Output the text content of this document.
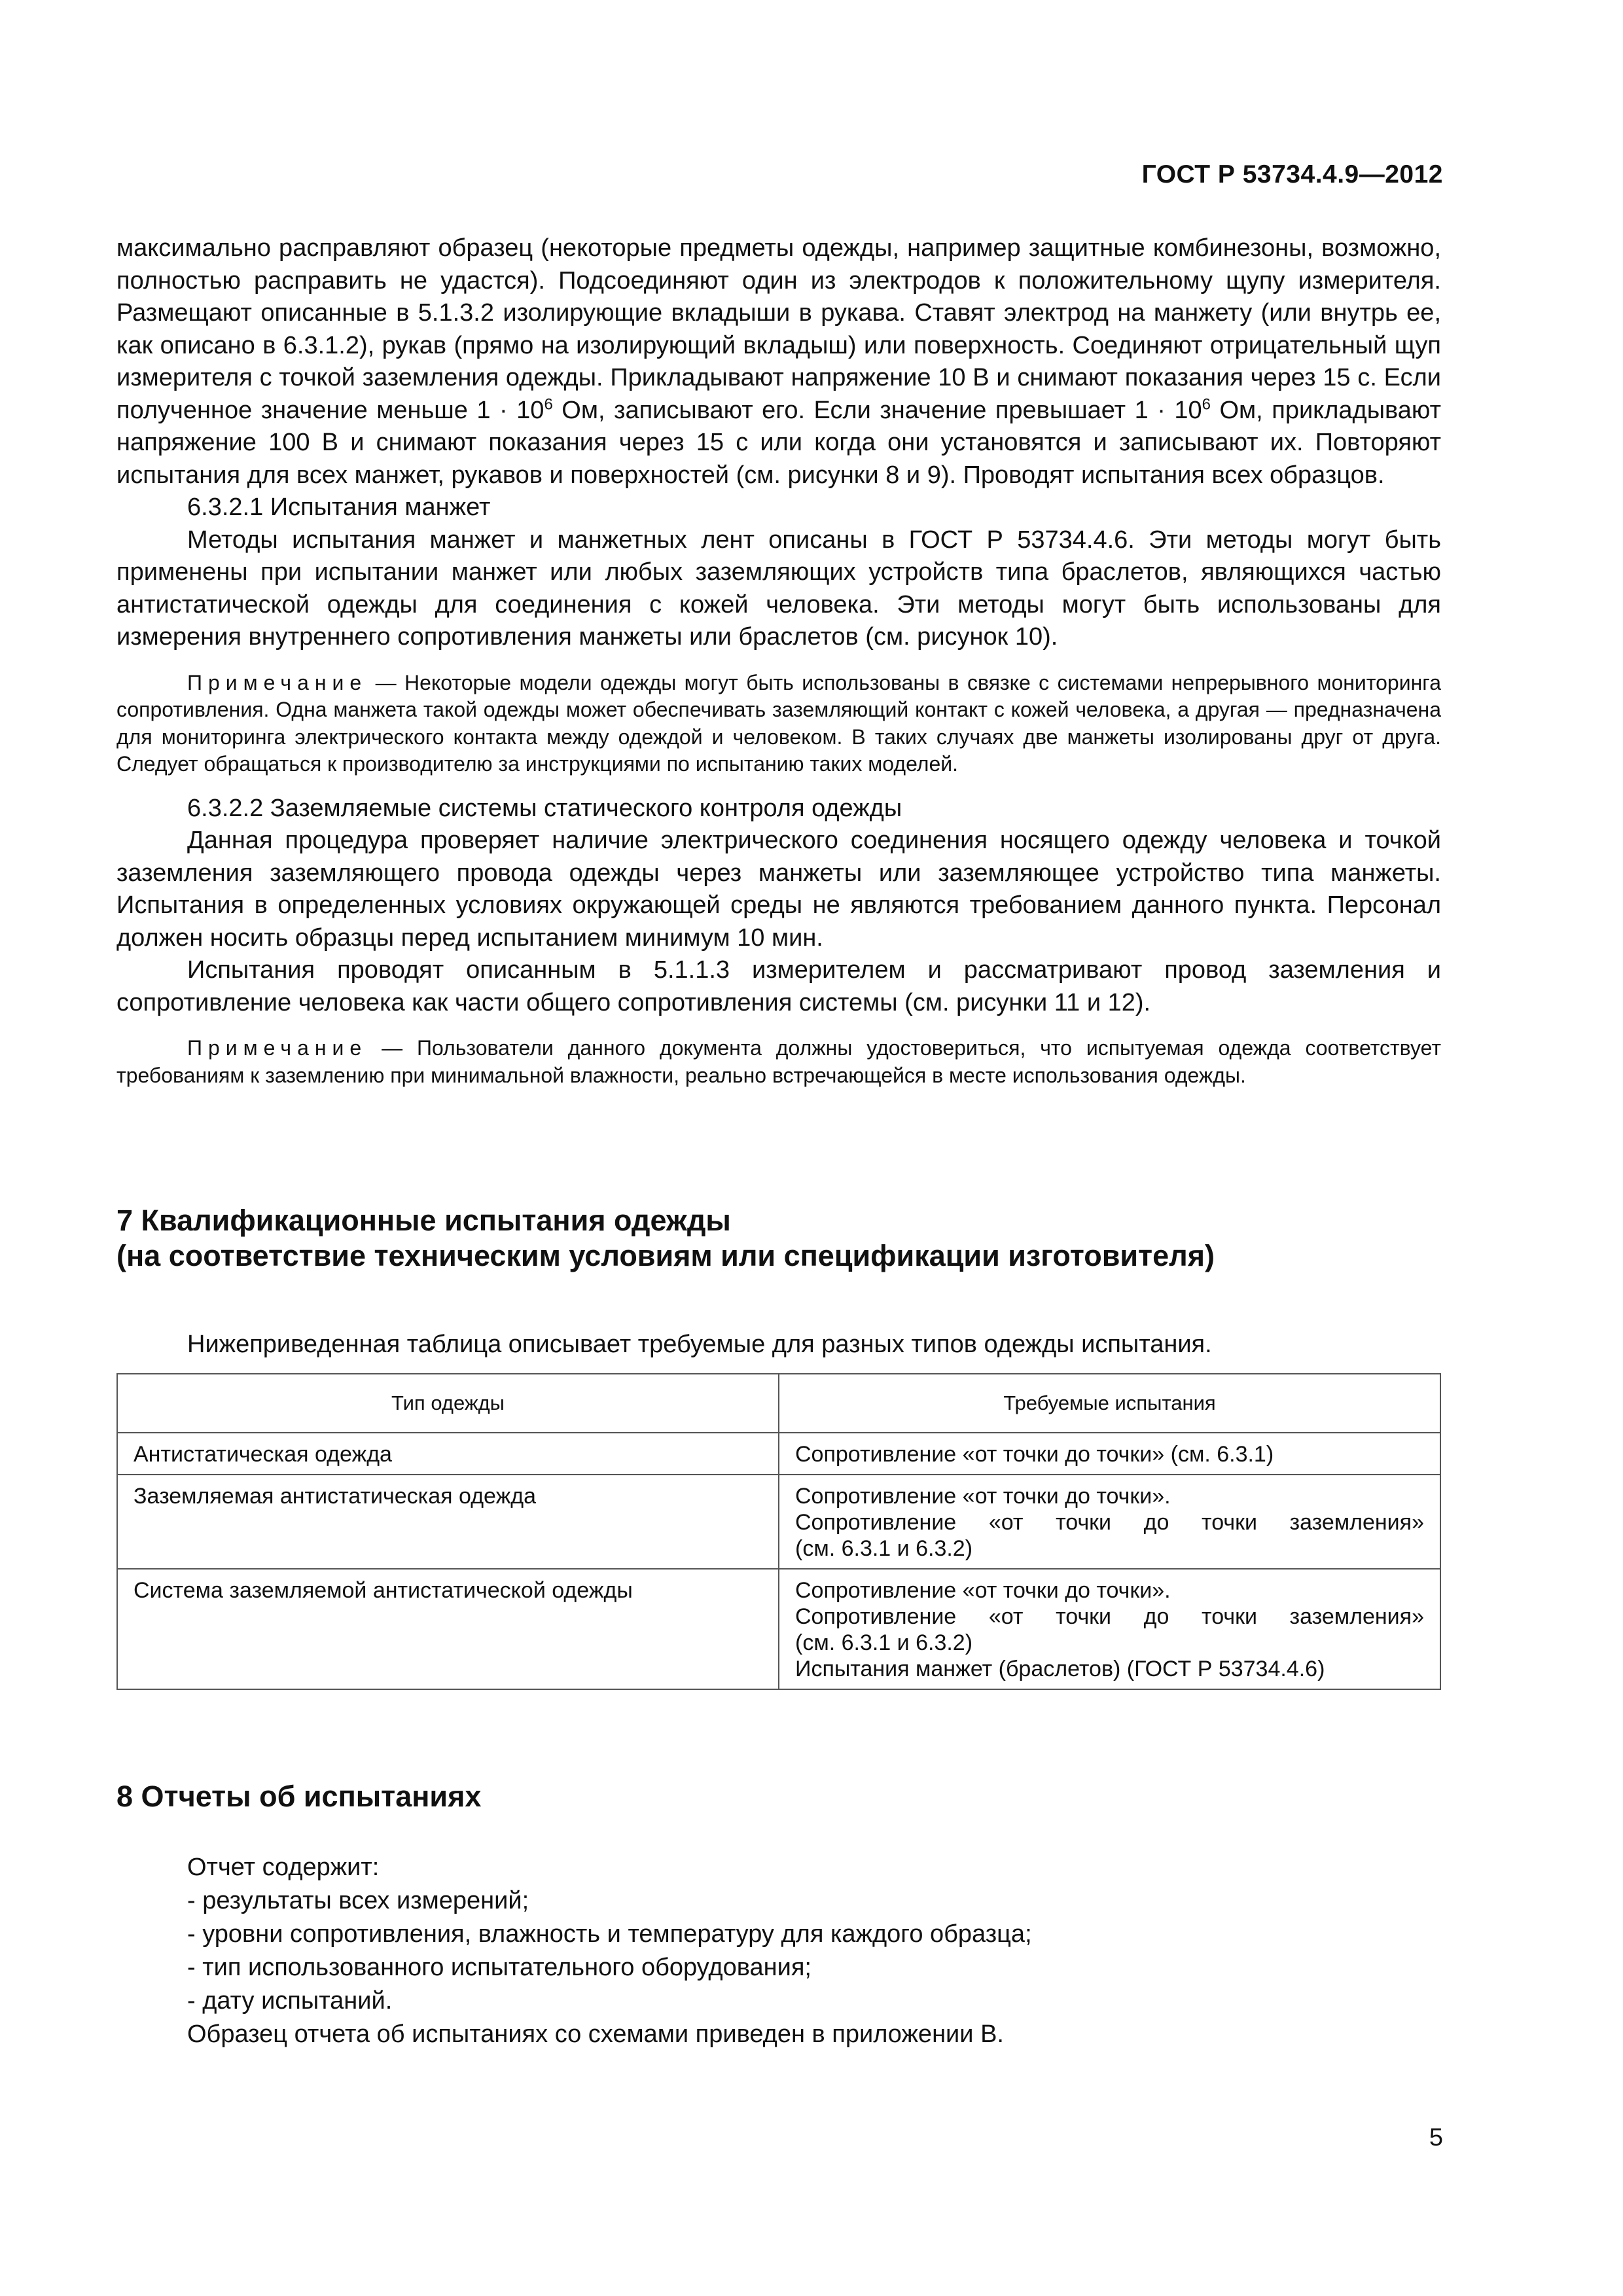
ГОСТ Р 53734.4.9—2012

максимально расправляют образец (некоторые предметы одежды, например защитные комбинезоны, возможно, полностью расправить не удастся). Подсоединяют один из электродов к положительному щупу измерителя. Размещают описанные в 5.1.3.2 изолирующие вкладыши в рукава. Ставят электрод на манжету (или внутрь ее, как описано в 6.3.1.2), рукав (прямо на изолирующий вкладыш) или поверхность. Соединяют отрицательный щуп измерителя с точкой заземления одежды. Прикладывают напряжение 10 В и снимают показания через 15 с. Если полученное значение меньше $1 \cdot 10^6$ Ом, записывают его. Если значение превышает $1 \cdot 10^6$ Ом, прикладывают напряжение 100 В и снимают показания через 15 с или когда они установятся и записывают их. Повторяют испытания для всех манжет, рукавов и поверхностей (см. рисунки 8 и 9). Проводят испытания всех образцов.

6.3.2.1 Испытания манжет

Методы испытания манжет и манжетных лент описаны в ГОСТ Р 53734.4.6. Эти методы могут быть применены при испытании манжет или любых заземляющих устройств типа браслетов, являющихся частью антистатической одежды для соединения с кожей человека. Эти методы могут быть использованы для измерения внутреннего сопротивления манжеты или браслетов (см. рисунок 10).

Примечание — Некоторые модели одежды могут быть использованы в связке с системами непрерывного мониторинга сопротивления. Одна манжета такой одежды может обеспечивать заземляющий контакт с кожей человека, а другая — предназначена для мониторинга электрического контакта между одеждой и человеком. В таких случаях две манжеты изолированы друг от друга. Следует обращаться к производителю за инструкциями по испытанию таких моделей.

6.3.2.2 Заземляемые системы статического контроля одежды

Данная процедура проверяет наличие электрического соединения носящего одежду человека и точкой заземления заземляющего провода одежды через манжеты или заземляющее устройство типа манжеты. Испытания в определенных условиях окружающей среды не являются требованием данного пункта. Персонал должен носить образцы перед испытанием минимум 10 мин.

Испытания проводят описанным в 5.1.1.3 измерителем и рассматривают провод заземления и сопротивление человека как части общего сопротивления системы (см. рисунки 11 и 12).

Примечание — Пользователи данного документа должны удостовериться, что испытуемая одежда соответствует требованиям к заземлению при минимальной влажности, реально встречающейся в месте использования одежды.

7 Квалификационные испытания одежды

(на соответствие техническим условиям или спецификации изготовителя)

Нижеприведенная таблица описывает требуемые для разных типов одежды испытания.

Тип одежды	Требуемые испытания
Антистатическая одежда	Сопротивление «от точки до точки» (см. 6.3.1)

Заземляемая антистатическая одежда	Сопротивление «от точки до точки».
Сопротивление «от точки до точки заземления»
(см. 6.3.1 и 6.3.2)

Система заземляемой антистатической одежды	Сопротивление «от точки до точки».
Сопротивление «от точки до точки заземления»
(см. 6.3.1 и 6.3.2)
Испытания манжет (браслетов) (ГОСТ Р 53734.4.6)

8 Отчеты об испытаниях

Отчет содержит:
- результаты всех измерений;
- уровни сопротивления, влажность и температуру для каждого образца;
- тип использованного испытательного оборудования;
- дату испытаний.
Образец отчета об испытаниях со схемами приведен в приложении В.
5
